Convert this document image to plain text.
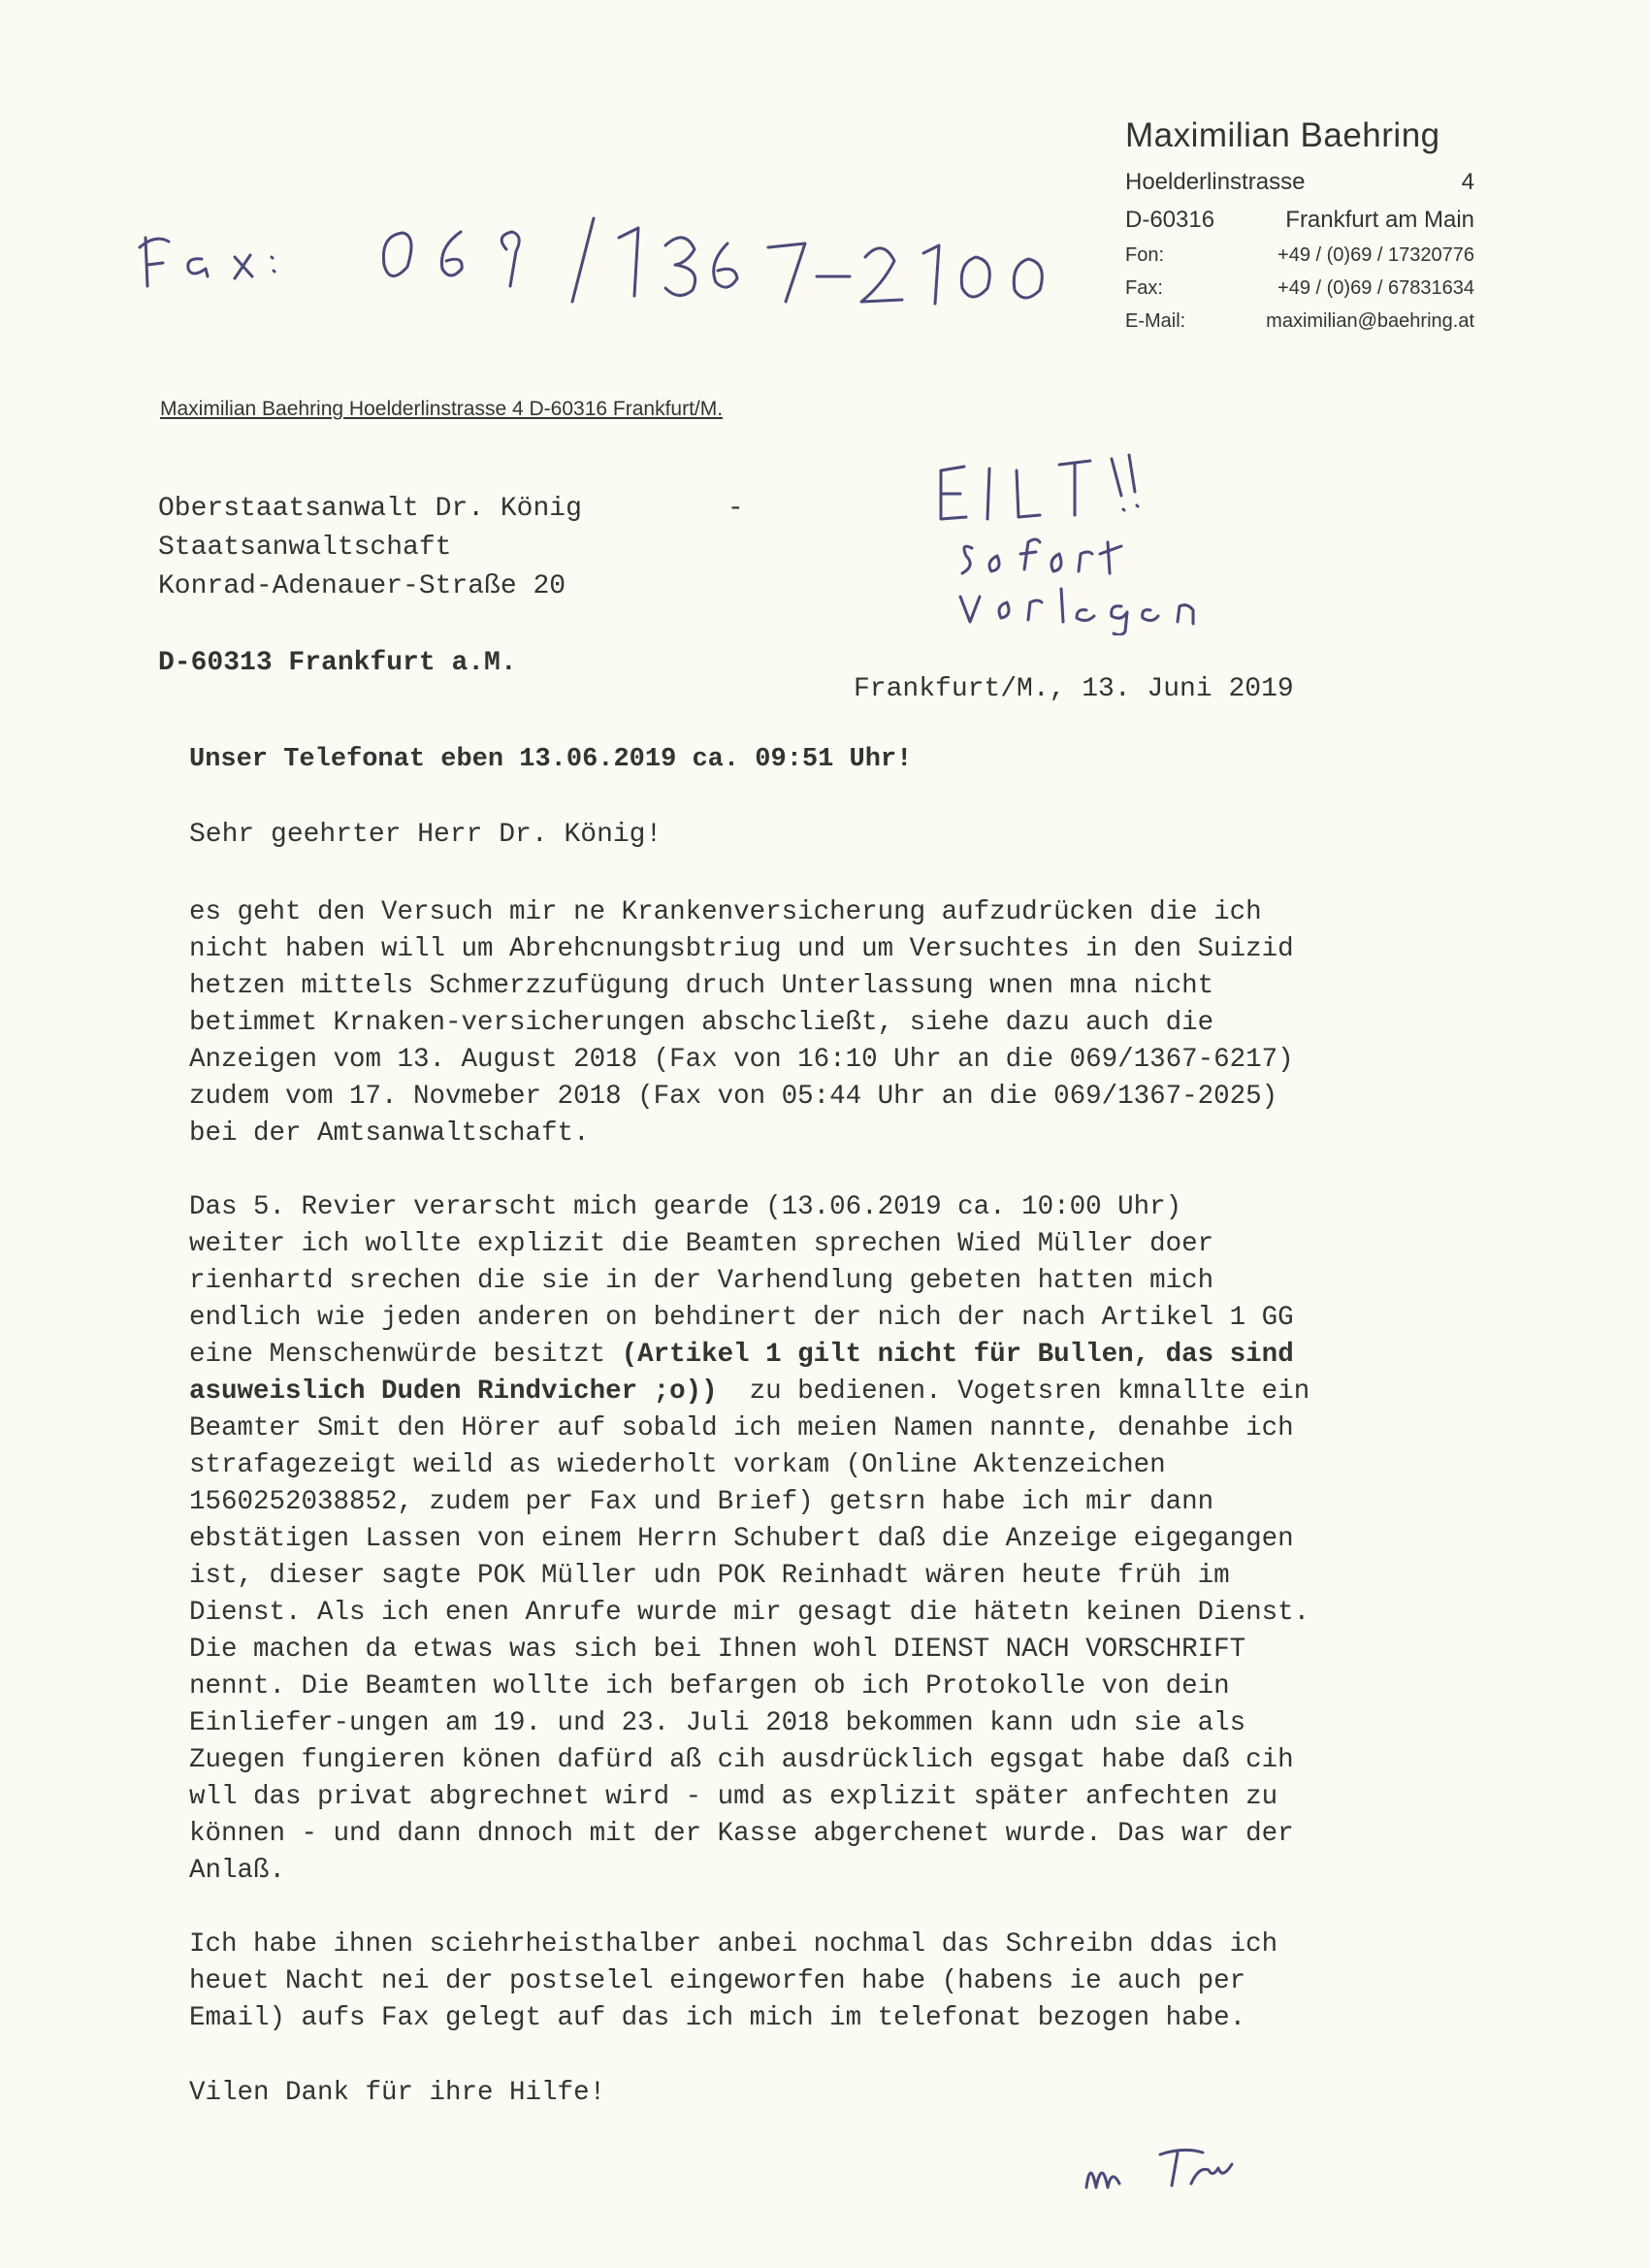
Maximilian Baehring
Hoelderlinstrasse	4
D-60316	Frankfurt am Main
Fon:	+49 / (0)69 / 17320776
Fax:	+49 / (0)69 / 67831634
E-Mail:	maximilian@baehring.at
Maximilian Baehring Hoelderlinstrasse 4 D-60316 Frankfurt/M.
Oberstaatsanwalt Dr. König	-
Staatsanwaltschaft
Konrad-Adenauer-Straße 20
D-60313 Frankfurt a.M.
Frankfurt/M., 13. Juni 2019
Unser Telefonat eben 13.06.2019 ca. 09:51 Uhr!
Sehr geehrter Herr Dr. König!
es geht den Versuch mir ne Krankenversicherung aufzudrücken die ich
nicht haben will um Abrehcnungsbtriug und um Versuchtes in den Suizid
hetzen mittels Schmerzzufügung druch Unterlassung wnen mna nicht
betimmet Krnaken-versicherungen abschcließt, siehe dazu auch die
Anzeigen vom 13. August 2018 (Fax von 16:10 Uhr an die 069/1367-6217)
zudem vom 17. Novmeber 2018 (Fax von 05:44 Uhr an die 069/1367-2025)
bei der Amtsanwaltschaft.
Das 5. Revier verarscht mich gearde (13.06.2019 ca. 10:00 Uhr)
weiter ich wollte explizit die Beamten sprechen Wied Müller doer
rienhartd srechen die sie in der Varhendlung gebeten hatten mich
endlich wie jeden anderen on behdinert der nich der nach Artikel 1 GG
eine Menschenwürde besitzt (Artikel 1 gilt nicht für Bullen, das sind
asuweislich Duden Rindvicher ;o))  zu bedienen. Vogetsren kmnallte ein
Beamter Smit den Hörer auf sobald ich meien Namen nannte, denahbe ich
strafagezeigt weild as wiederholt vorkam (Online Aktenzeichen
1560252038852, zudem per Fax und Brief) getsrn habe ich mir dann
ebstätigen Lassen von einem Herrn Schubert daß die Anzeige eigegangen
ist, dieser sagte POK Müller udn POK Reinhadt wären heute früh im
Dienst. Als ich enen Anrufe wurde mir gesagt die hätetn keinen Dienst.
Die machen da etwas was sich bei Ihnen wohl DIENST NACH VORSCHRIFT
nennt. Die Beamten wollte ich befargen ob ich Protokolle von dein
Einliefer-ungen am 19. und 23. Juli 2018 bekommen kann udn sie als
Zuegen fungieren könen dafürd aß cih ausdrücklich egsgat habe daß cih
wll das privat abgrechnet wird - umd as explizit später anfechten zu
können - und dann dnnoch mit der Kasse abgerchenet wurde. Das war der
Anlaß.
Ich habe ihnen sciehrheisthalber anbei nochmal das Schreibn ddas ich
heuet Nacht nei der postselel eingeworfen habe (habens ie auch per
Email) aufs Fax gelegt auf das ich mich im telefonat bezogen habe.
Vilen Dank für ihre Hilfe!
